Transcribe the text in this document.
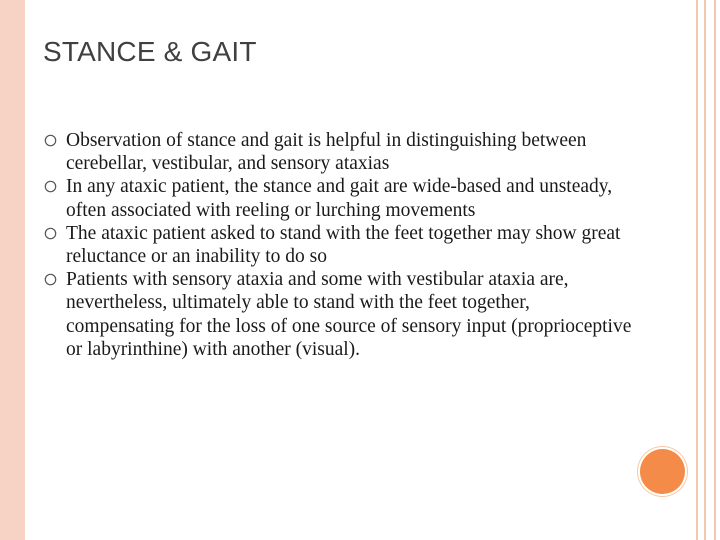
STANCE & GAIT
Observation of stance and gait is helpful in distinguishing between cerebellar, vestibular, and sensory ataxias
In any ataxic patient, the stance and gait are wide-based and unsteady, often associated with reeling or lurching movements
The ataxic patient asked to stand with the feet together may show great reluctance or an inability to do so
Patients with sensory ataxia and some with vestibular ataxia are, nevertheless, ultimately able to stand with the feet together, compensating for the loss of one source of sensory input (proprioceptive or labyrinthine) with another (visual).
